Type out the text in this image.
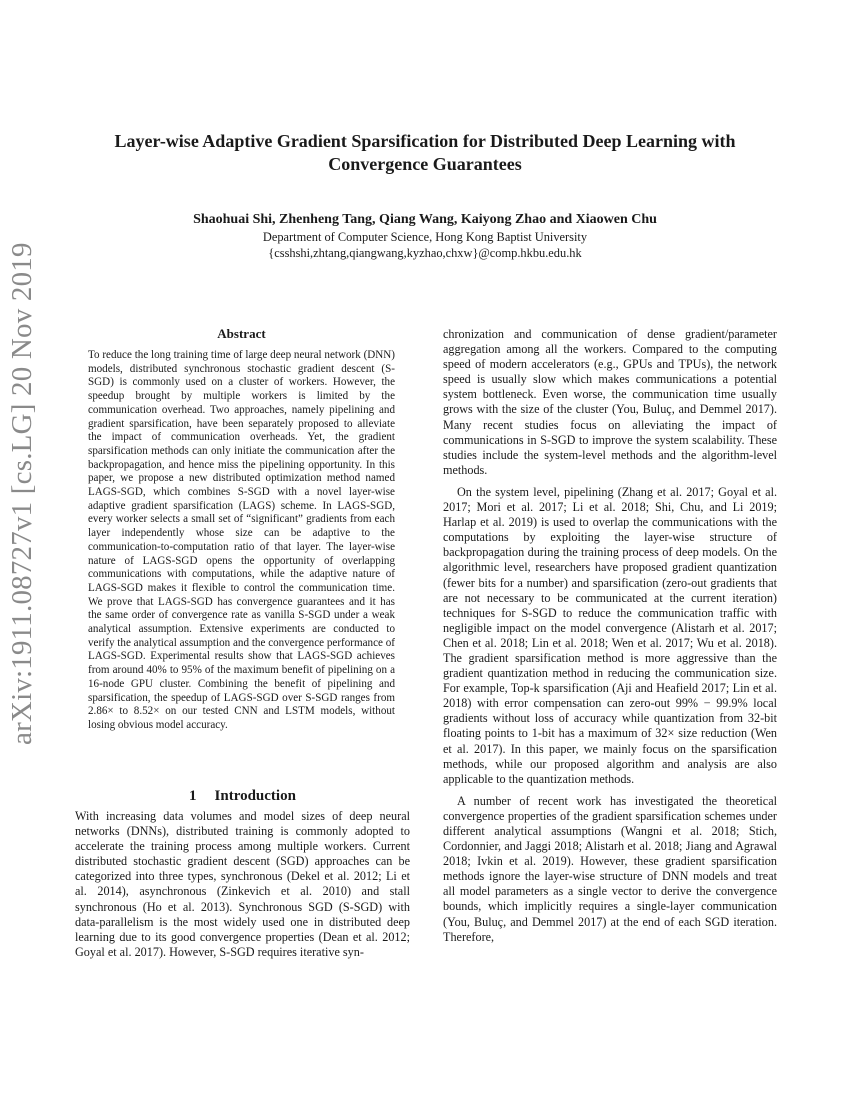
arXiv:1911.08727v1 [cs.LG] 20 Nov 2019
Layer-wise Adaptive Gradient Sparsification for Distributed Deep Learning with Convergence Guarantees
Shaohuai Shi, Zhenheng Tang, Qiang Wang, Kaiyong Zhao and Xiaowen Chu
Department of Computer Science, Hong Kong Baptist University
{csshshi,zhtang,qiangwang,kyzhao,chxw}@comp.hkbu.edu.hk
Abstract

To reduce the long training time of large deep neural network (DNN) models, distributed synchronous stochastic gradient descent (S-SGD) is commonly used on a cluster of workers. However, the speedup brought by multiple workers is limited by the communication overhead. Two approaches, namely pipelining and gradient sparsification, have been separately proposed to alleviate the impact of communication overheads. Yet, the gradient sparsification methods can only initiate the communication after the backpropagation, and hence miss the pipelining opportunity. In this paper, we propose a new distributed optimization method named LAGS-SGD, which combines S-SGD with a novel layer-wise adaptive gradient sparsification (LAGS) scheme. In LAGS-SGD, every worker selects a small set of “significant” gradients from each layer independently whose size can be adaptive to the communication-to-computation ratio of that layer. The layer-wise nature of LAGS-SGD opens the opportunity of overlapping communications with computations, while the adaptive nature of LAGS-SGD makes it flexible to control the communication time. We prove that LAGS-SGD has convergence guarantees and it has the same order of convergence rate as vanilla S-SGD under a weak analytical assumption. Extensive experiments are conducted to verify the analytical assumption and the convergence performance of LAGS-SGD. Experimental results show that LAGS-SGD achieves from around 40% to 95% of the maximum benefit of pipelining on a 16-node GPU cluster. Combining the benefit of pipelining and sparsification, the speedup of LAGS-SGD over S-SGD ranges from 2.86× to 8.52× on our tested CNN and LSTM models, without losing obvious model accuracy.

1 Introduction

With increasing data volumes and model sizes of deep neural networks (DNNs), distributed training is commonly adopted to accelerate the training process among multiple workers. Current distributed stochastic gradient descent (SGD) approaches can be categorized into three types, synchronous (Dekel et al. 2012; Li et al. 2014), asynchronous (Zinkevich et al. 2010) and stall synchronous (Ho et al. 2013). Synchronous SGD (S-SGD) with data-parallelism is the most widely used one in distributed deep learning due to its good convergence properties (Dean et al. 2012; Goyal et al. 2017). However, S-SGD requires iterative syn-

chronization and communication of dense gradient/parameter aggregation among all the workers. Compared to the computing speed of modern accelerators (e.g., GPUs and TPUs), the network speed is usually slow which makes communications a potential system bottleneck. Even worse, the communication time usually grows with the size of the cluster (You, Buluç, and Demmel 2017). Many recent studies focus on alleviating the impact of communications in S-SGD to improve the system scalability. These studies include the system-level methods and the algorithm-level methods.

On the system level, pipelining (Zhang et al. 2017; Goyal et al. 2017; Mori et al. 2017; Li et al. 2018; Shi, Chu, and Li 2019; Harlap et al. 2019) is used to overlap the communications with the computations by exploiting the layer-wise structure of backpropagation during the training process of deep models. On the algorithmic level, researchers have proposed gradient quantization (fewer bits for a number) and sparsification (zero-out gradients that are not necessary to be communicated at the current iteration) techniques for S-SGD to reduce the communication traffic with negligible impact on the model convergence (Alistarh et al. 2017; Chen et al. 2018; Lin et al. 2018; Wen et al. 2017; Wu et al. 2018). The gradient sparsification method is more aggressive than the gradient quantization method in reducing the communication size. For example, Top-k sparsification (Aji and Heafield 2017; Lin et al. 2018) with error compensation can zero-out 99% − 99.9% local gradients without loss of accuracy while quantization from 32-bit floating points to 1-bit has a maximum of 32× size reduction (Wen et al. 2017). In this paper, we mainly focus on the sparsification methods, while our proposed algorithm and analysis are also applicable to the quantization methods.

A number of recent work has investigated the theoretical convergence properties of the gradient sparsification schemes under different analytical assumptions (Wangni et al. 2018; Stich, Cordonnier, and Jaggi 2018; Alistarh et al. 2018; Jiang and Agrawal 2018; Ivkin et al. 2019). However, these gradient sparsification methods ignore the layer-wise structure of DNN models and treat all model parameters as a single vector to derive the convergence bounds, which implicitly requires a single-layer communication (You, Buluç, and Demmel 2017) at the end of each SGD iteration. Therefore,
